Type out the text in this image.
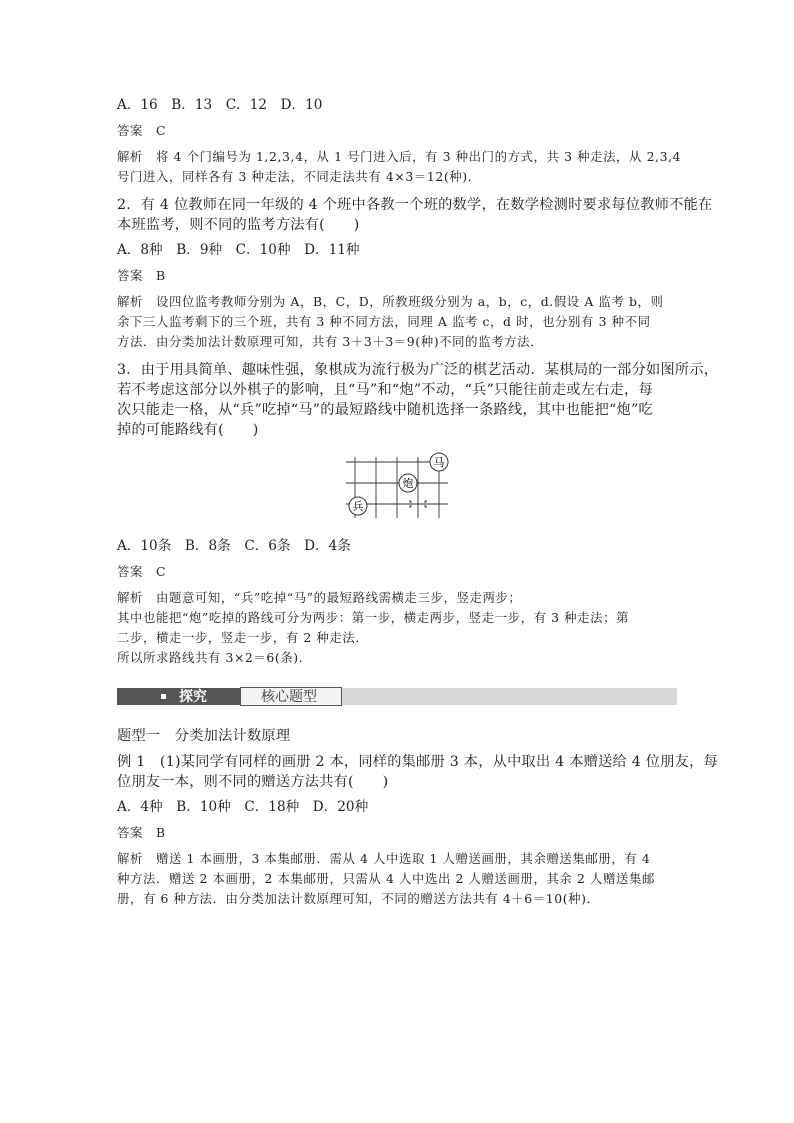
A．16　B．13　C．12　D．10

答案　C

解析　将 4 个门编号为 1,2,3,4，从 1 号门进入后，有 3 种出门的方式，共 3 种走法，从 2,3,4

号门进入，同样各有 3 种走法，不同走法共有 4×3＝12(种)．

2．有 4 位教师在同一年级的 4 个班中各教一个班的数学，在数学检测时要求每位教师不能在

本班监考，则不同的监考方法有(　　)

A．8种　B．9种　C．10种　D．11种

答案　B

解析　设四位监考教师分别为 A，B，C，D，所教班级分别为 a，b，c，d.假设 A 监考 b，则

余下三人监考剩下的三个班，共有 3 种不同方法，同理 A 监考 c，d 时，也分别有 3 种不同

方法．由分类加法计数原理可知，共有 3＋3＋3＝9(种)不同的监考方法．

3．由于用具简单、趣味性强，象棋成为流行极为广泛的棋艺活动．某棋局的一部分如图所示，

若不考虑这部分以外棋子的影响，且“马”和“炮”不动，“兵”只能往前走或左右走，每

次只能走一格，从“兵”吃掉“马”的最短路线中随机选择一条路线，其中也能把“炮”吃

掉的可能路线有(　　)

马
炮
兵

A．10条　B．8条　C．6条　D．4条

答案　C

解析　由题意可知，“兵”吃掉“马”的最短路线需横走三步，竖走两步；

其中也能把“炮”吃掉的路线可分为两步：第一步，横走两步，竖走一步，有 3 种走法；第

二步，横走一步，竖走一步，有 2 种走法．

所以所求路线共有 3×2＝6(条)．

探究	核心题型

题型一　分类加法计数原理

例 1　(1)某同学有同样的画册 2 本，同样的集邮册 3 本，从中取出 4 本赠送给 4 位朋友，每

位朋友一本，则不同的赠送方法共有(　　)

A．4种　B．10种　C．18种　D．20种

答案　B

解析　赠送 1 本画册，3 本集邮册．需从 4 人中选取 1 人赠送画册，其余赠送集邮册，有 4

种方法．赠送 2 本画册，2 本集邮册，只需从 4 人中选出 2 人赠送画册，其余 2 人赠送集邮

册，有 6 种方法．由分类加法计数原理可知，不同的赠送方法共有 4＋6＝10(种)．
